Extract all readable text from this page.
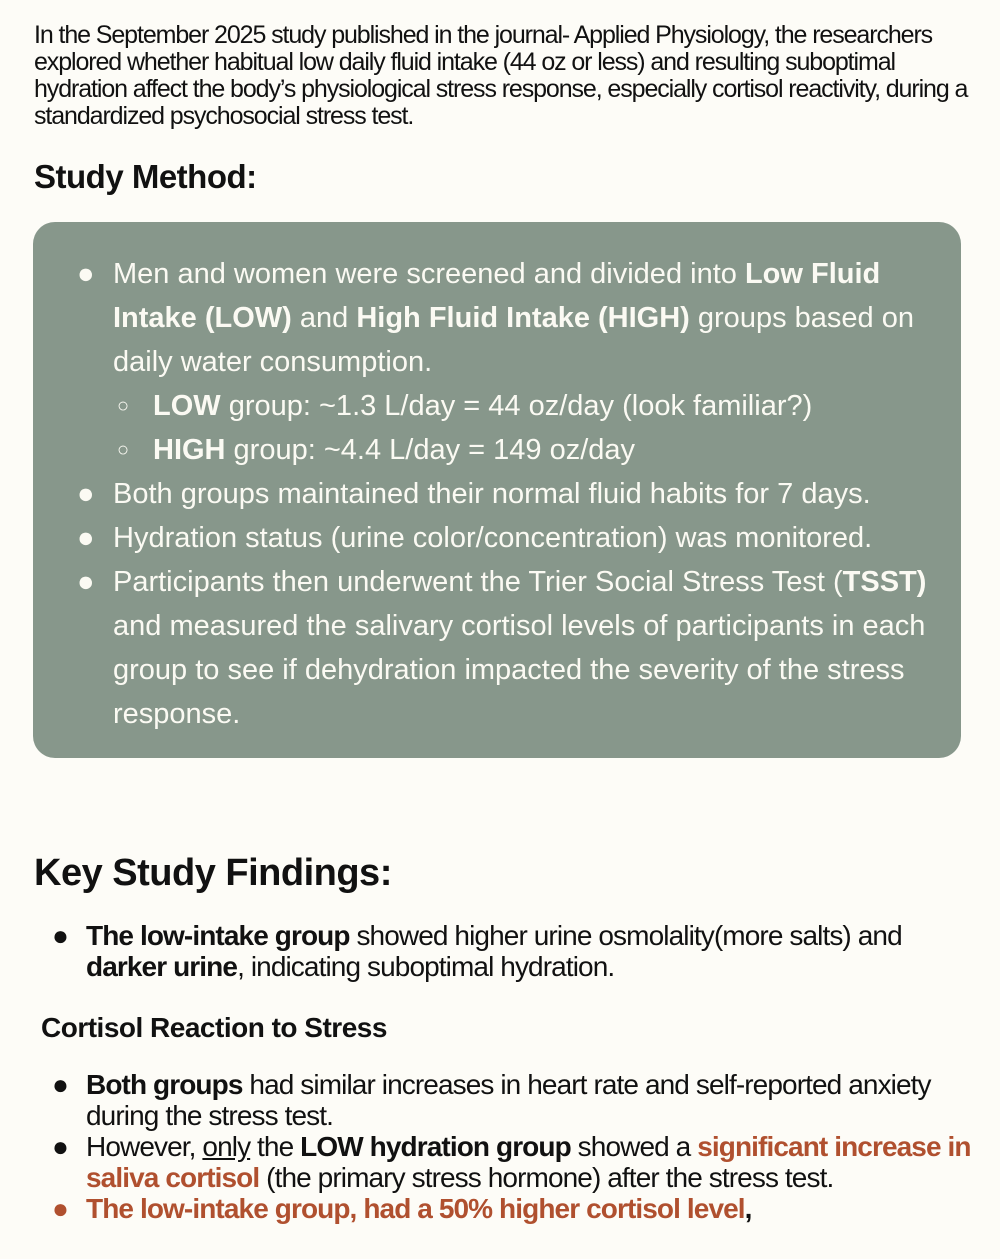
In the September 2025 study published in the journal- Applied Physiology, the researchers explored whether habitual low daily fluid intake (44 oz or less) and resulting suboptimal hydration affect the body’s physiological stress response, especially cortisol reactivity, during a standardized psychosocial stress test.
Study Method:
● Men and women were screened and divided into Low Fluid Intake (LOW) and High Fluid Intake (HIGH) groups based on daily water consumption.
○ LOW group: ~1.3 L/day = 44 oz/day (look familiar?)
○ HIGH group: ~4.4 L/day = 149 oz/day
● Both groups maintained their normal fluid habits for 7 days.
● Hydration status (urine color/concentration) was monitored.
● Participants then underwent the Trier Social Stress Test (TSST) and measured the salivary cortisol levels of participants in each group to see if dehydration impacted the severity of the stress response.
Key Study Findings:
● The low-intake group showed higher urine osmolality(more salts) and darker urine, indicating suboptimal hydration.
Cortisol Reaction to Stress
● Both groups had similar increases in heart rate and self-reported anxiety during the stress test.
● However, only the LOW hydration group showed a significant increase in saliva cortisol (the primary stress hormone) after the stress test.
● The low-intake group, had a 50% higher cortisol level,
